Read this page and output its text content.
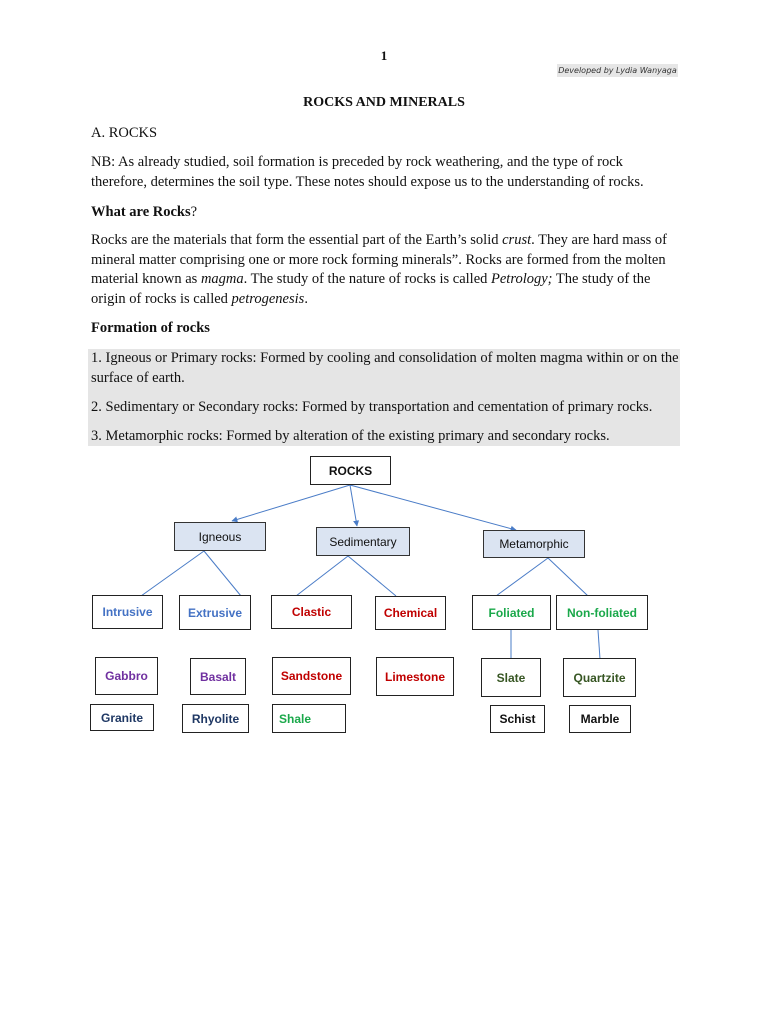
1
Developed by Lydia Wanyaga
ROCKS AND MINERALS
A. ROCKS
NB: As already studied, soil formation is preceded by rock weathering, and the type of rock therefore, determines the soil type. These notes should expose us to the understanding of rocks.
What are Rocks?
Rocks are the materials that form the essential part of the Earth’s solid crust. They are hard mass of mineral matter comprising one or more rock forming minerals”. Rocks are formed from the molten material known as magma. The study of the nature of rocks is called Petrology; The study of the origin of rocks is called petrogenesis.
Formation of rocks
1. Igneous or Primary rocks: Formed by cooling and consolidation of molten magma within or on the surface of earth.
2. Sedimentary or Secondary rocks: Formed by transportation and cementation of primary rocks.
3. Metamorphic rocks: Formed by alteration of the existing primary and secondary rocks.
ROCKS
Igneous	Sedimentary	Metamorphic
Intrusive	Extrusive	Clastic	Chemical	Foliated	Non-foliated
Gabbro	Basalt	Sandstone	Limestone	Slate	Quartzite
Granite	Rhyolite	Shale	Schist	Marble
